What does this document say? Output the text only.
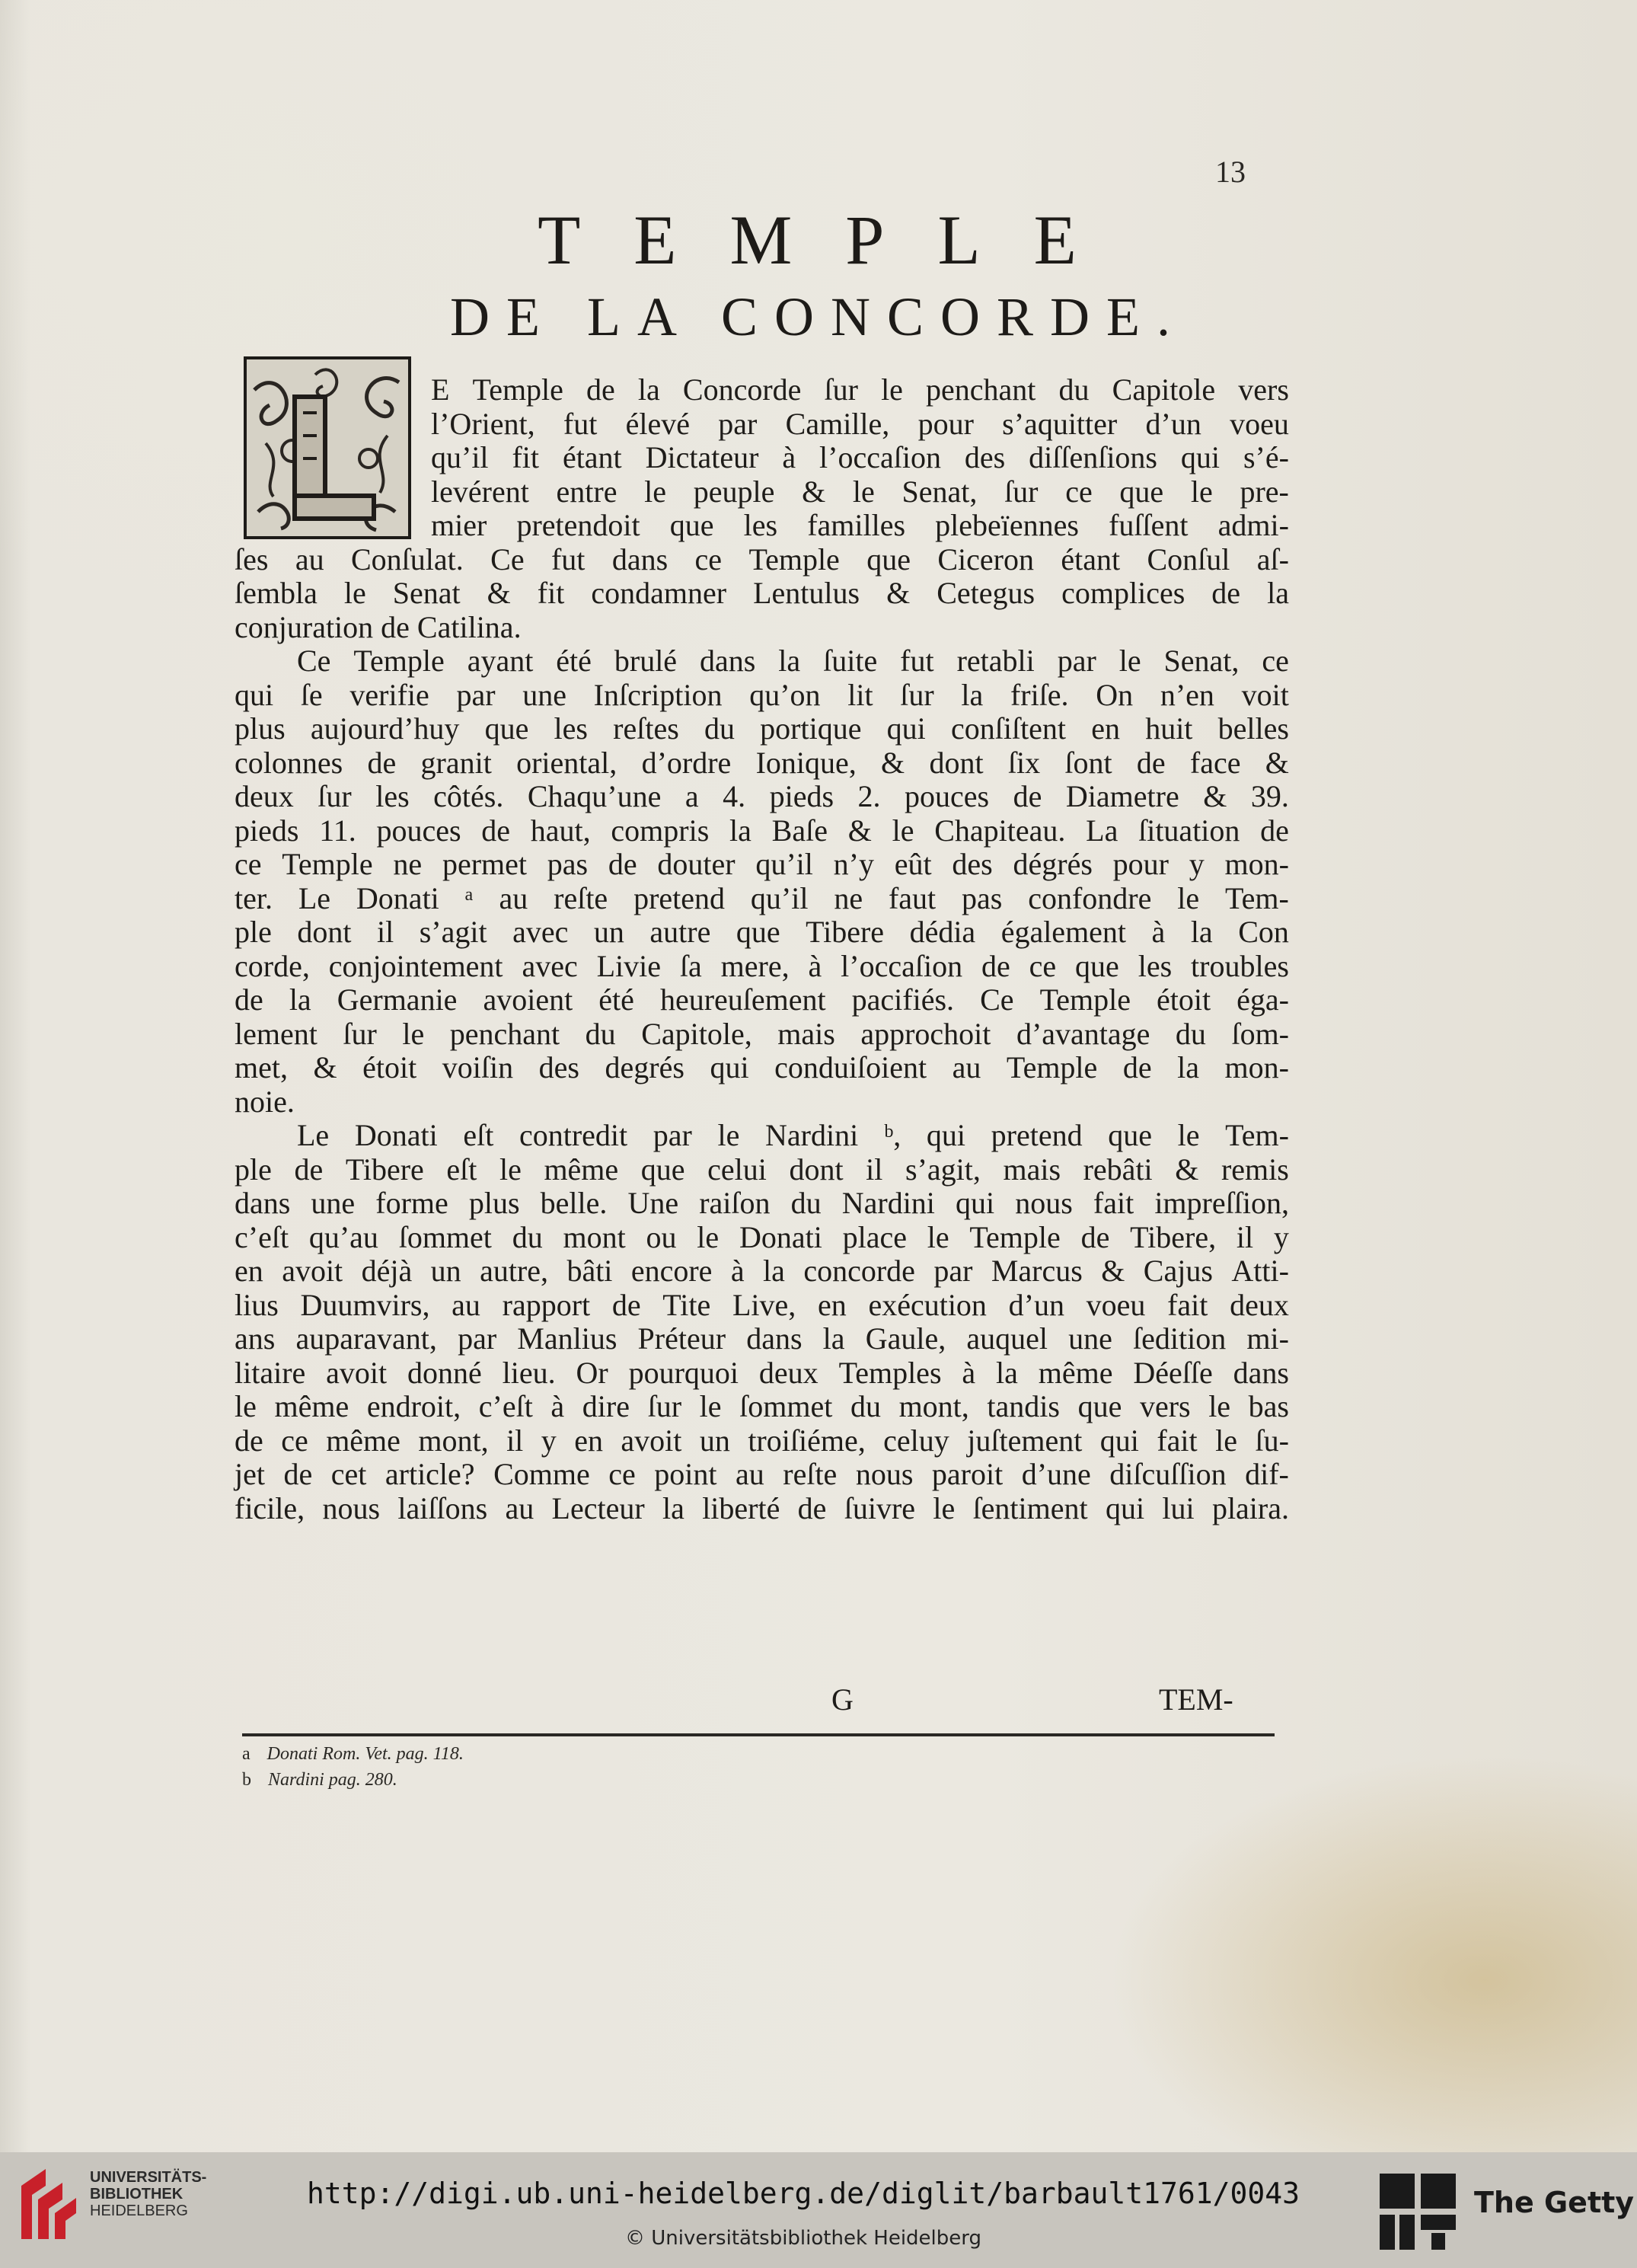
13
TEMPLE
DE LA CONCORDE.
E Temple de la Concorde ſur le penchant du Capitole vers
l’Orient, fut élevé par Camille, pour s’aquitter d’un voeu
qu’il fit étant Dictateur à l’occaſion des diſſenſions qui s’é-
levérent entre le peuple & le Senat, ſur ce que le pre-
mier pretendoit que les familles plebeïennes fuſſent admi-
ſes au Conſulat. Ce fut dans ce Temple que Ciceron étant Conſul aſ-
ſembla le Senat & fit condamner Lentulus & Cetegus complices de la
conjuration de Catilina.
Ce Temple ayant été brulé dans la ſuite fut retabli par le Senat, ce
qui ſe verifie par une Inſcription qu’on lit ſur la friſe. On n’en voit
plus aujourd’huy que les reſtes du portique qui conſiſtent en huit belles
colonnes de granit oriental, d’ordre Ionique, & dont ſix ſont de face &
deux ſur les côtés. Chaqu’une a 4. pieds 2. pouces de Diametre & 39.
pieds 11. pouces de haut, compris la Baſe & le Chapiteau. La ſituation de
ce Temple ne permet pas de douter qu’il n’y eût des dégrés pour y mon-
ter. Le Donati ᵃ au reſte pretend qu’il ne faut pas confondre le Tem-
ple dont il s’agit avec un autre que Tibere dédia également à la Con
corde, conjointement avec Livie ſa mere, à l’occaſion de ce que les troubles
de la Germanie avoient été heureuſement pacifiés. Ce Temple étoit éga-
lement ſur le penchant du Capitole, mais approchoit d’avantage du ſom-
met, & étoit voiſin des degrés qui conduiſoient au Temple de la mon-
noie.
Le Donati eſt contredit par le Nardini ᵇ, qui pretend que le Tem-
ple de Tibere eſt le même que celui dont il s’agit, mais rebâti & remis
dans une forme plus belle. Une raiſon du Nardini qui nous fait impreſſion,
c’eſt qu’au ſommet du mont ou le Donati place le Temple de Tibere, il y
en avoit déjà un autre, bâti encore à la concorde par Marcus & Cajus Atti-
lius Duumvirs, au rapport de Tite Live, en exécution d’un voeu fait deux
ans auparavant, par Manlius Préteur dans la Gaule, auquel une ſedition mi-
litaire avoit donné lieu. Or pourquoi deux Temples à la même Déeſſe dans
le même endroit, c’eſt à dire ſur le ſommet du mont, tandis que vers le bas
de ce même mont, il y en avoit un troiſiéme, celuy juſtement qui fait le ſu-
jet de cet article? Comme ce point au reſte nous paroit d’une diſcuſſion dif-
ficile, nous laiſſons au Lecteur la liberté de ſuivre le ſentiment qui lui plaira.
G	TEM-
a Donati Rom. Vet. pag. 118.
b Nardini pag. 280.
UNIVERSITÄTS-
BIBLIOTHEK
HEIDELBERG
http://digi.ub.uni-heidelberg.de/diglit/barbault1761/0043
© Universitätsbibliothek Heidelberg
The Getty
